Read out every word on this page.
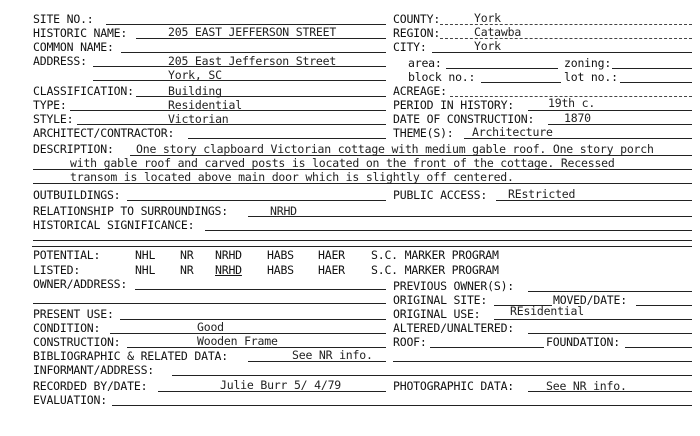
SITE NO.:
HISTORIC NAME:	205 EAST JEFFERSON STREET
COMMON NAME:
ADDRESS:	205 East Jefferson Street
York, SC
CLASSIFICATION:	Building
TYPE:	Residential
STYLE:	Victorian
ARCHITECT/CONTRACTOR:
COUNTY:	York
REGION:	Catawba
CITY:	York
area:	zoning:
block no.:	lot no.:
ACREAGE:
PERIOD IN HISTORY:	19th c.
DATE OF CONSTRUCTION:	1870
THEME(S): Architecture
DESCRIPTION: One story clapboard Victorian cottage with medium gable roof. One story porch
with gable roof and carved posts is located on the front of the cottage. Recessed
transom is located above main door which is slightly off centered.
OUTBUILDINGS:	PUBLIC ACCESS: REstricted
RELATIONSHIP TO SURROUNDINGS:	NRHD
HISTORICAL SIGNIFICANCE:
POTENTIAL:	NHL NR NRHD HABS HAER S.C. MARKER PROGRAM
LISTED:	NHL NR NRHD HABS HAER S.C. MARKER PROGRAM
OWNER/ADDRESS:	PREVIOUS OWNER(S):
ORIGINAL SITE:	MOVED/DATE:
PRESENT USE:	ORIGINAL USE:	REsidential
CONDITION:	Good	ALTERED/UNALTERED:
CONSTRUCTION:	Wooden Frame	ROOF:	FOUNDATION:
BIBLIOGRAPHIC & RELATED DATA:	See NR info.
INFORMANT/ADDRESS:
RECORDED BY/DATE:	Julie Burr 5/ 4/79	PHOTOGRAPHIC DATA:	See NR info.
EVALUATION:
